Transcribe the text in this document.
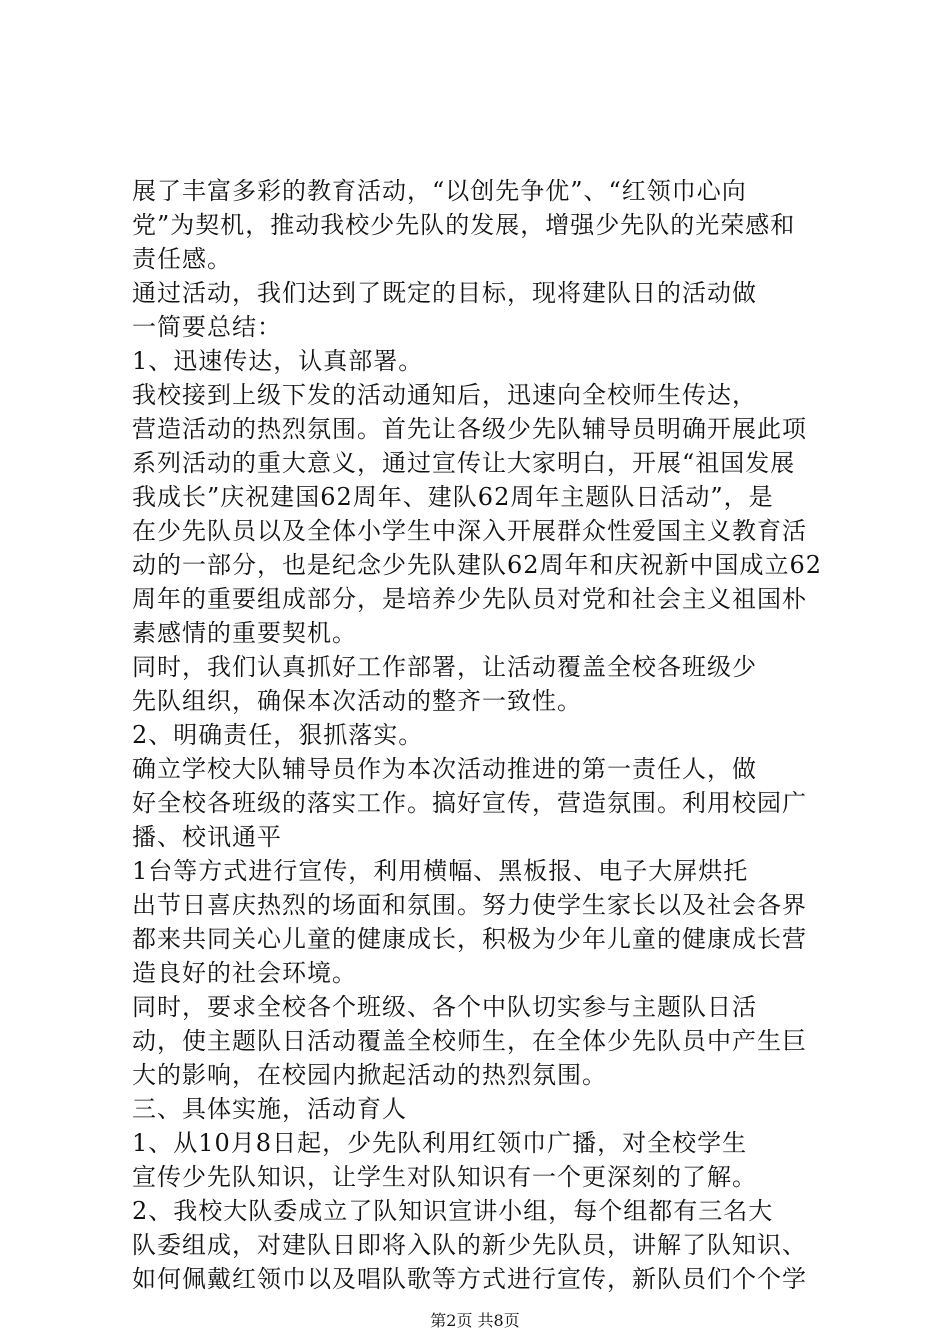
展了丰富多彩的教育活动，“以创先争优”、“红领巾心向
党”为契机，推动我校少先队的发展，增强少先队的光荣感和
责任感。
通过活动，我们达到了既定的目标，现将建队日的活动做
一简要总结：
1、迅速传达，认真部署。
我校接到上级下发的活动通知后，迅速向全校师生传达，
营造活动的热烈氛围。首先让各级少先队辅导员明确开展此项
系列活动的重大意义，通过宣传让大家明白，开展“祖国发展
我成长”庆祝建国62周年、建队62周年主题队日活动”，是
在少先队员以及全体小学生中深入开展群众性爱国主义教育活
动的一部分，也是纪念少先队建队62周年和庆祝新中国成立62
周年的重要组成部分，是培养少先队员对党和社会主义祖国朴
素感情的重要契机。
同时，我们认真抓好工作部署，让活动覆盖全校各班级少
先队组织，确保本次活动的整齐一致性。
2、明确责任，狠抓落实。
确立学校大队辅导员作为本次活动推进的第一责任人，做
好全校各班级的落实工作。搞好宣传，营造氛围。利用校园广
播、校讯通平
1台等方式进行宣传，利用横幅、黑板报、电子大屏烘托
出节日喜庆热烈的场面和氛围。努力使学生家长以及社会各界
都来共同关心儿童的健康成长，积极为少年儿童的健康成长营
造良好的社会环境。
同时，要求全校各个班级、各个中队切实参与主题队日活
动，使主题队日活动覆盖全校师生，在全体少先队员中产生巨
大的影响，在校园内掀起活动的热烈氛围。
三、具体实施，活动育人
1、从10月8日起，少先队利用红领巾广播，对全校学生
宣传少先队知识，让学生对队知识有一个更深刻的了解。
2、我校大队委成立了队知识宣讲小组，每个组都有三名大
队委组成，对建队日即将入队的新少先队员，讲解了队知识、
如何佩戴红领巾以及唱队歌等方式进行宣传，新队员们个个学
第2页 共8页
